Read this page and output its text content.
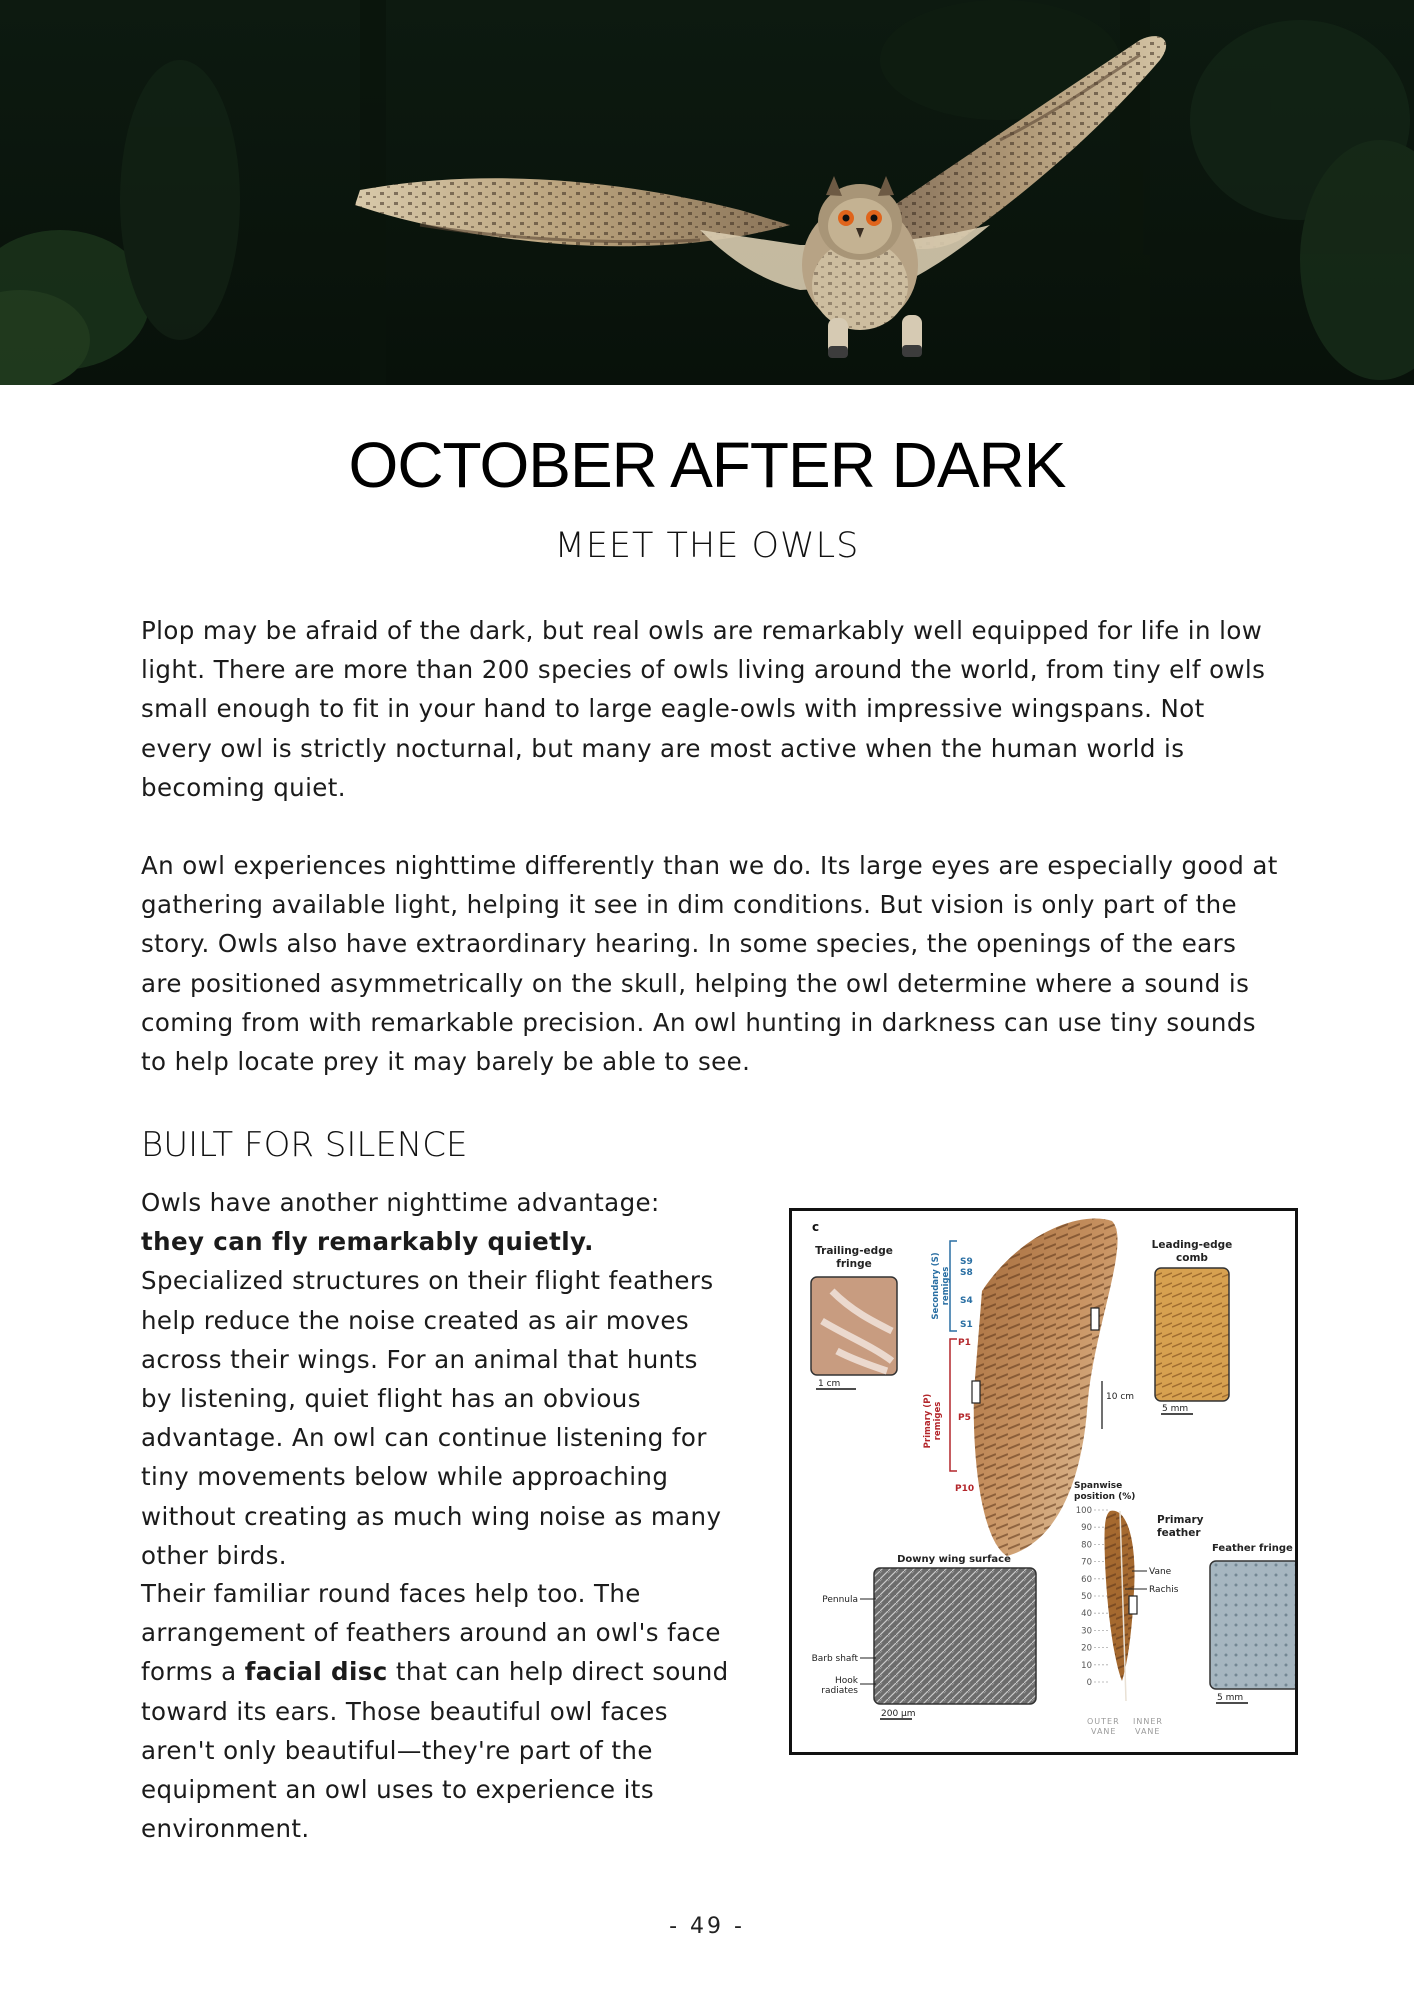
OCTOBER AFTER DARK
MEET THE OWLS

Plop may be afraid of the dark, but real owls are remarkably well equipped for life in low light. There are more than 200 species of owls living around the world, from tiny elf owls small enough to fit in your hand to large eagle-owls with impressive wingspans. Not every owl is strictly nocturnal, but many are most active when the human world is becoming quiet.

An owl experiences nighttime differently than we do. Its large eyes are especially good at gathering available light, helping it see in dim conditions. But vision is only part of the story. Owls also have extraordinary hearing. In some species, the openings of the ears are positioned asymmetrically on the skull, helping the owl determine where a sound is coming from with remarkable precision. An owl hunting in darkness can use tiny sounds to help locate prey it may barely be able to see.

BUILT FOR SILENCE

Owls have another nighttime advantage: they can fly remarkably quietly. Specialized structures on their flight feathers help reduce the noise created as air moves across their wings. For an animal that hunts by listening, quiet flight has an obvious advantage. An owl can continue listening for tiny movements below while approaching without creating as much wing noise as many other birds.

Their familiar round faces help too. The arrangement of feathers around an owl's face forms a facial disc that can help direct sound toward its ears. Those beautiful owl faces aren't only beautiful—they're part of the equipment an owl uses to experience its environment.

c
Trailing-edge
fringe
1 cm
10 cm
Secondary (S) remiges
Primary (P) remiges
S9
S8
S4
S1
P1
P5
P10
Leading-edge
comb
5 mm
Spanwise
position (%)
100
90
80
70
60
50
40
30
20
10
0
Primary
feather
Vane
Rachis
Feather fringe
5 mm
OUTER
VANE
INNER
VANE
Downy wing surface
Pennula
Barb shaft
Hook
radiates
200 μm
- 49 -
